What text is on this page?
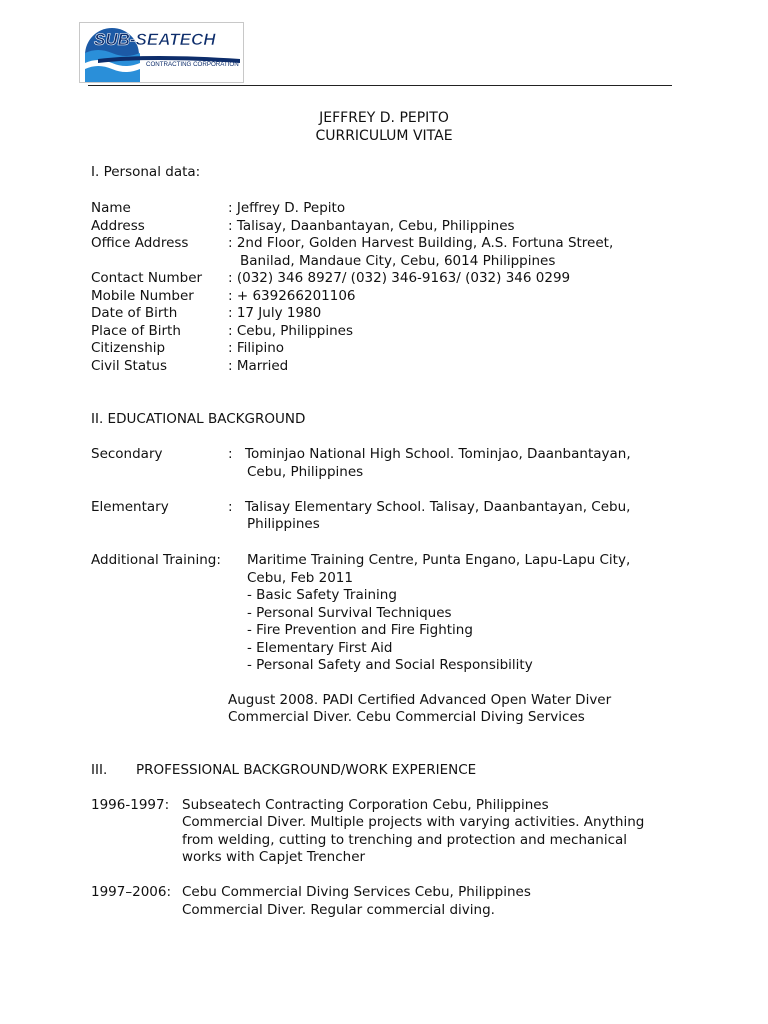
SUB-SEATECH
CONTRACTING CORPORATION
JEFFREY D. PEPITO
CURRICULUM VITAE
I. Personal data:
Name	: Jeffrey D. Pepito
Address	: Talisay, Daanbantayan, Cebu, Philippines
Office Address	: 2nd Floor, Golden Harvest Building, A.S. Fortuna Street,
Banilad, Mandaue City, Cebu, 6014 Philippines
Contact Number : (032) 346 8927/ (032) 346-9163/ (032) 346 0299
Mobile Number	: + 639266201106
Date of Birth	: 17 July 1980
Place of Birth	: Cebu, Philippines
Citizenship	: Filipino
Civil Status	: Married
II. EDUCATIONAL BACKGROUND
Secondary	: Tominjao National High School. Tominjao, Daanbantayan,
Cebu, Philippines
Elementary	: Talisay Elementary School. Talisay, Daanbantayan, Cebu,
Philippines
Additional Training: Maritime Training Centre, Punta Engano, Lapu-Lapu City,
Cebu, Feb 2011
- Basic Safety Training
- Personal Survival Techniques
- Fire Prevention and Fire Fighting
- Elementary First Aid
- Personal Safety and Social Responsibility
August 2008. PADI Certified Advanced Open Water Diver
Commercial Diver. Cebu Commercial Diving Services
III. PROFESSIONAL BACKGROUND/WORK EXPERIENCE
1996-1997: Subseatech Contracting Corporation Cebu, Philippines
Commercial Diver. Multiple projects with varying activities. Anything
from welding, cutting to trenching and protection and mechanical
works with Capjet Trencher
1997–2006: Cebu Commercial Diving Services Cebu, Philippines
Commercial Diver. Regular commercial diving.
